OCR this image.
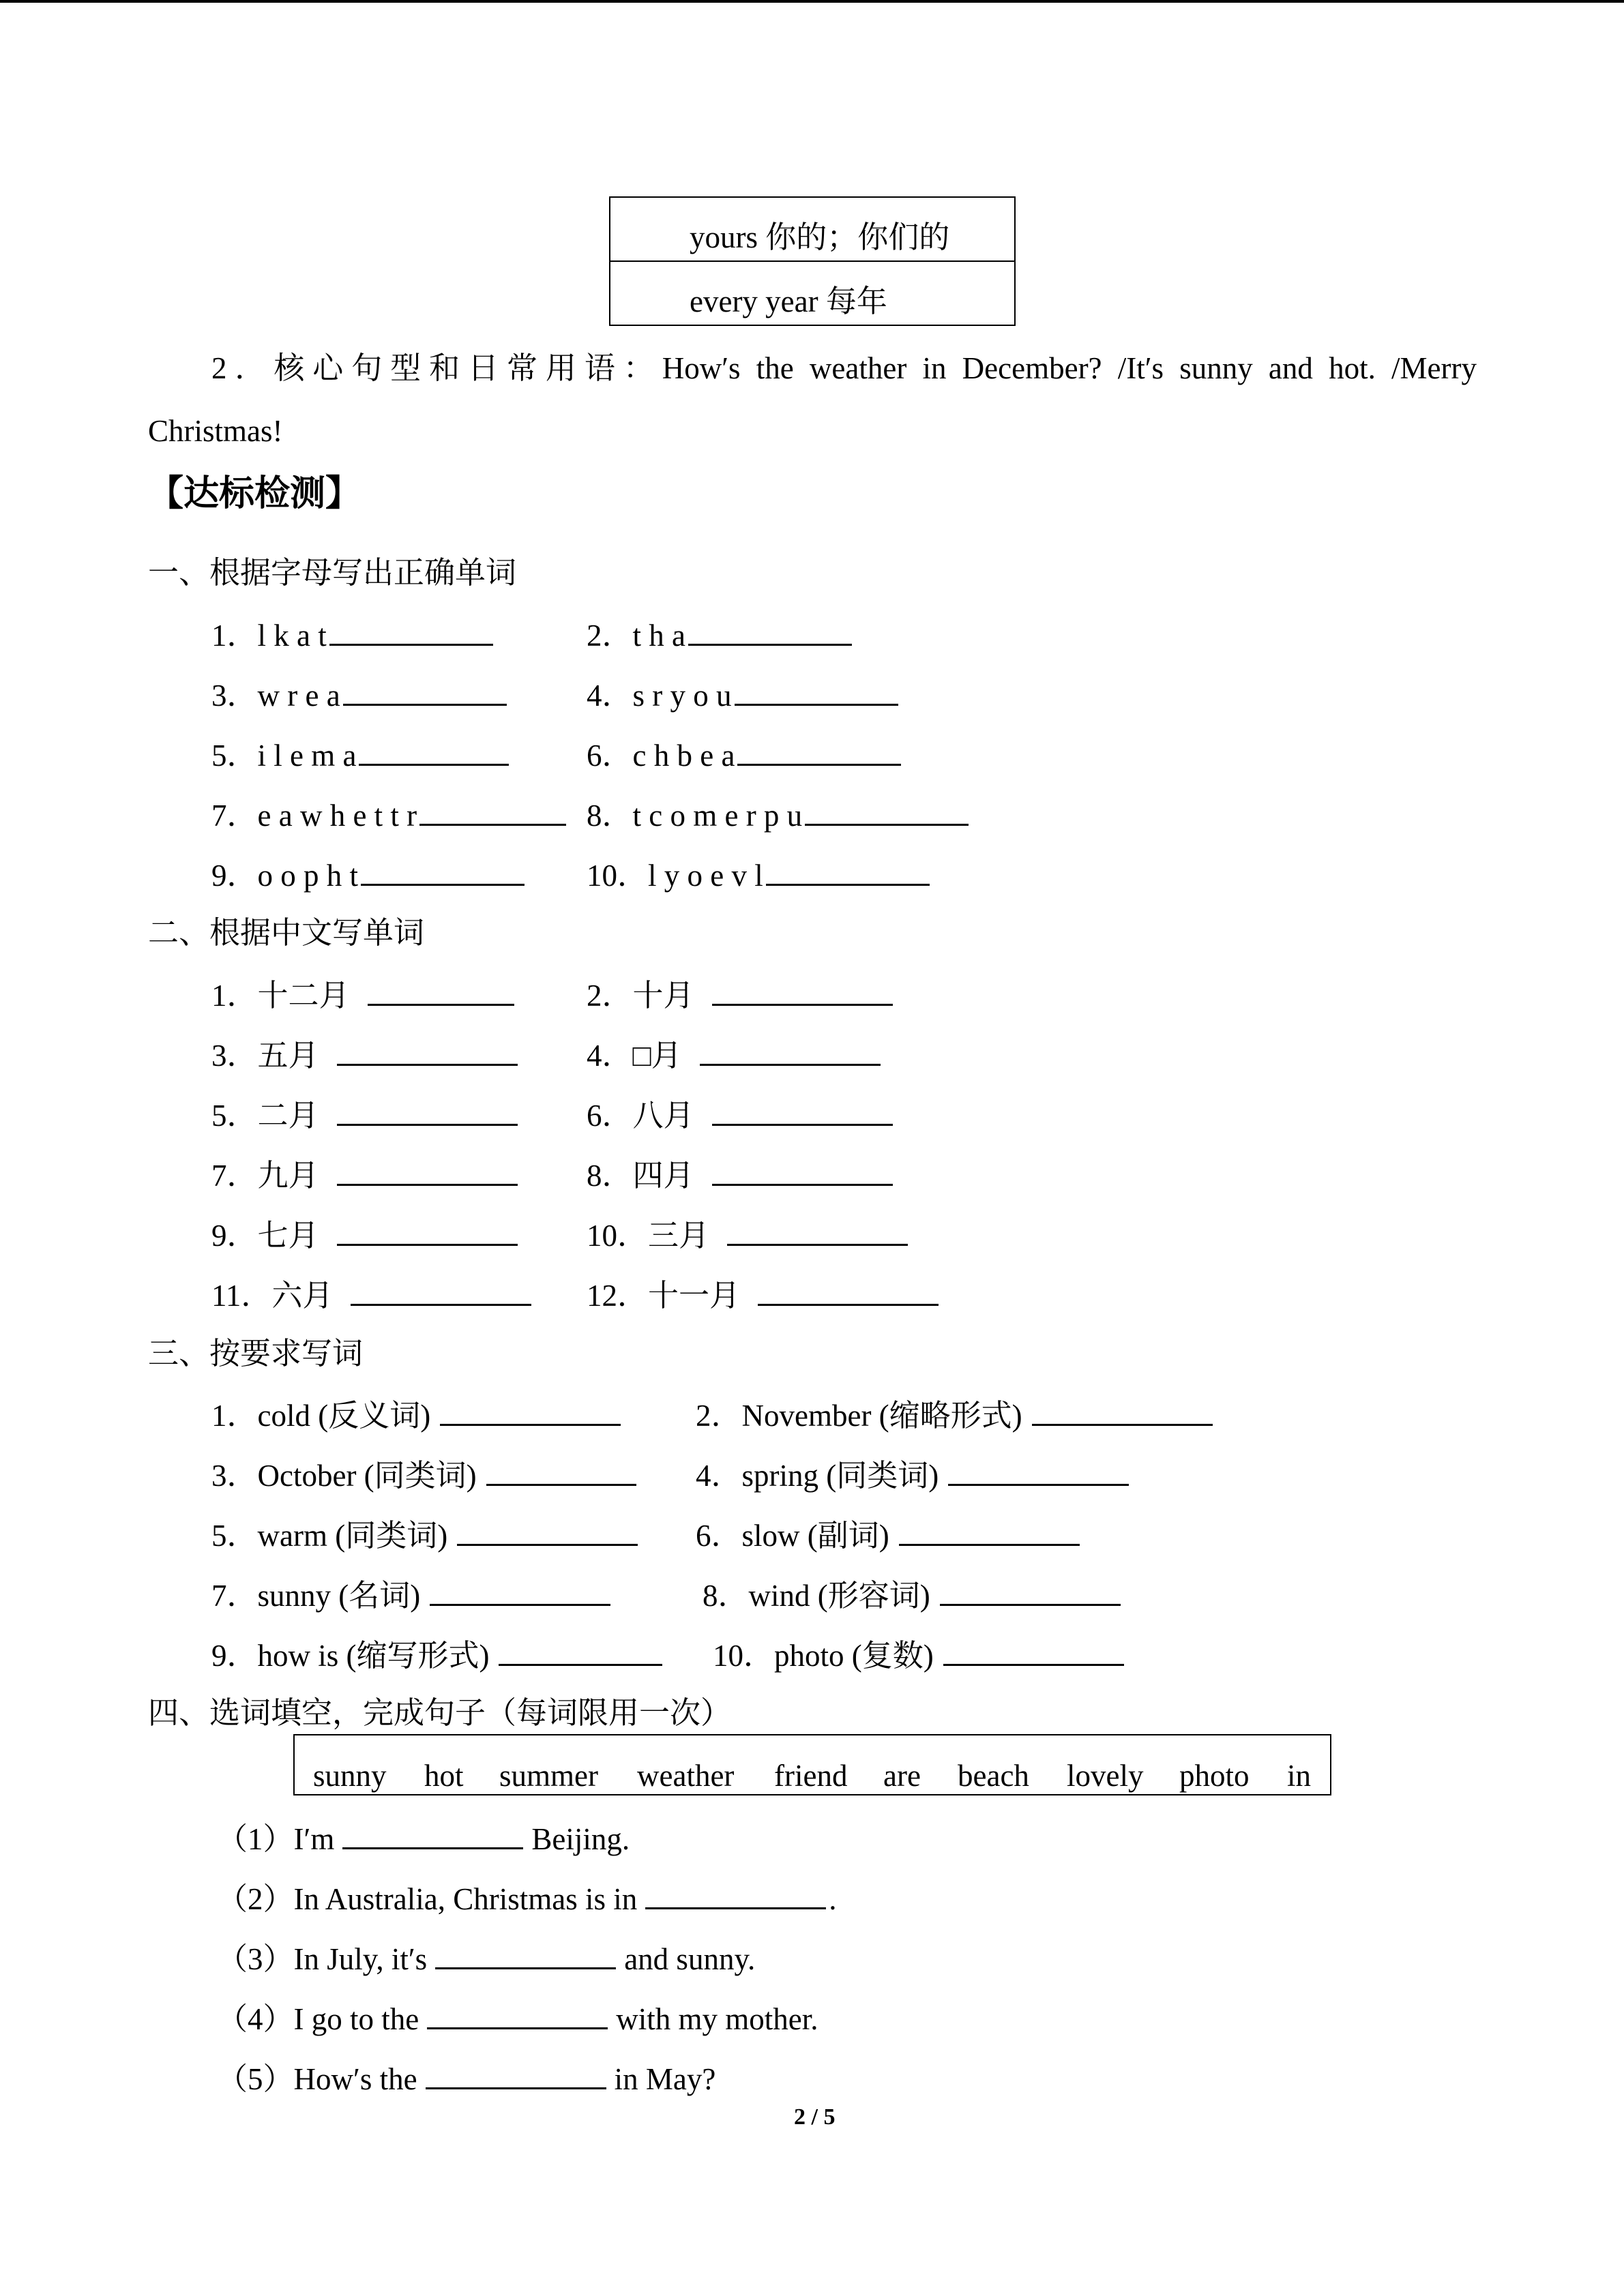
yours 你的；你们的
every year 每年
2．核心句型和日常用语：How′s the weather in December? /It′s sunny and hot. /Merry
Christmas!
【达标检测】
一、根据字母写出正确单词
1．l k a t	2．t h a
3．w r e a	4．s r y o u
5．i l e m a	6．c h b e a
7．e a w h e t t r	8．t c o m e r p u
9．o o p h t	10．l y o e v l
二、根据中文写单词
1．十二月	2．十月
3．五月	4．□月
5．二月	6．八月
7．九月	8．四月
9．七月	10．三月
11．六月	12．十一月
三、按要求写词
1．cold (反义词)	2．November (缩略形式)
3．October (同类词)	4．spring (同类词)
5．warm (同类词)	6．slow (副词)
7．sunny (名词)	8．wind (形容词)
9．how is (缩写形式)	10．photo (复数)
四、选词填空，完成句子（每词限用一次）
sunny hot summer weather friend are beach lovely photo in
（1）I′m	Beijing.
（2）In Australia, Christmas is in	.
（3）In July, it′s	and sunny.
（4）I go to the	with my mother.
（5）How′s the	in May?
2 / 5
